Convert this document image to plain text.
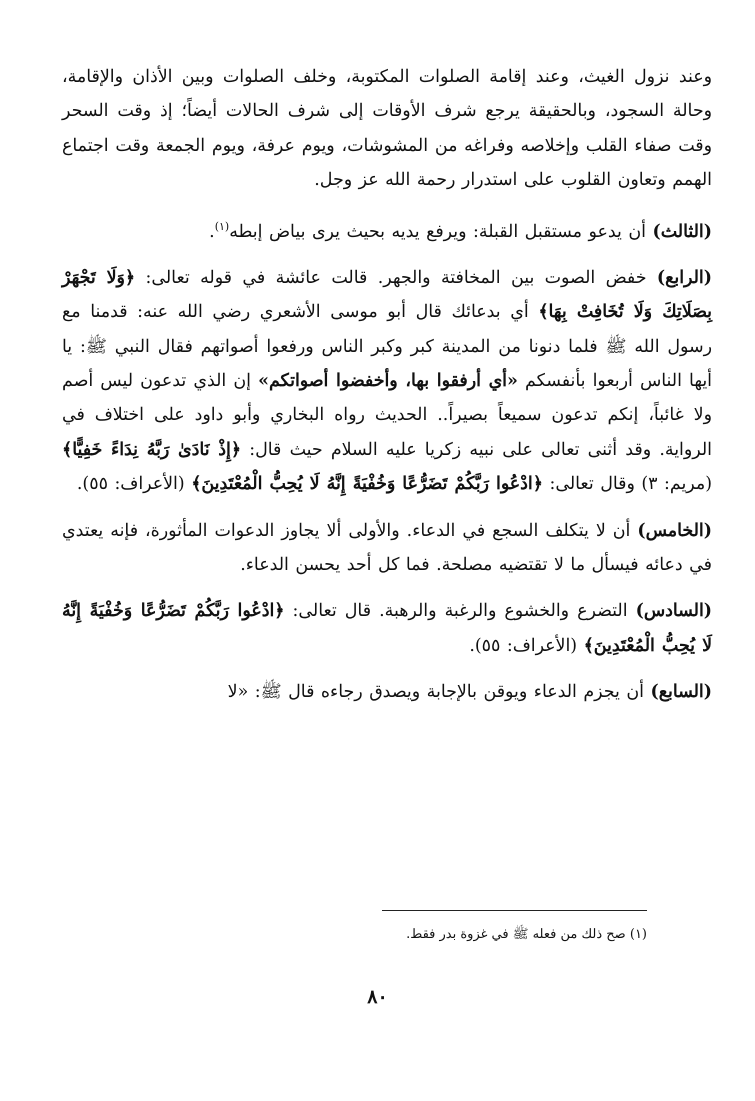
وعند نزول الغيث، وعند إقامة الصلوات المكتوبة، وخلف الصلوات وبين الأذان والإقامة، وحالة السجود، وبالحقيقة يرجع شرف الأوقات إلى شرف الحالات أيضاً؛ إذ وقت السحر وقت صفاء القلب وإخلاصه وفراغه من المشوشات، ويوم عرفة، ويوم الجمعة وقت اجتماع الهمم وتعاون القلوب على استدرار رحمة الله عز وجل.

(الثالث) أن يدعو مستقبل القبلة: ويرفع يديه بحيث يرى بياض إبطه$^{(١)}$.

(الرابع) خفض الصوت بين المخافتة والجهر. قالت عائشة في قوله تعالى: ﴿وَلَا تَجْهَرْ بِصَلَاتِكَ وَلَا تُخَافِتْ بِهَا﴾ أي بدعائك قال أبو موسى الأشعري رضي الله عنه: قدمنا مع رسول الله ﷺ فلما دنونا من المدينة كبر وكبر الناس ورفعوا أصواتهم فقال النبي ﷺ: يا أيها الناس أربعوا بأنفسكم «أي أرفقوا بها، وأخفضوا أصواتكم» إن الذي تدعون ليس أصم ولا غائباً، إنكم تدعون سميعاً بصيراً.. الحديث رواه البخاري وأبو داود على اختلاف في الرواية. وقد أثنى تعالى على نبيه زكريا عليه السلام حيث قال: ﴿إِذْ نَادَىٰ رَبَّهُ نِدَاءً خَفِيًّا﴾ (مريم: ٣) وقال تعالى: ﴿ادْعُوا رَبَّكُمْ تَضَرُّعًا وَخُفْيَةً إِنَّهُ لَا يُحِبُّ الْمُعْتَدِينَ﴾ (الأعراف: ٥٥).

(الخامس) أن لا يتكلف السجع في الدعاء. والأولى ألا يجاوز الدعوات المأثورة، فإنه يعتدي في دعائه فيسأل ما لا تقتضيه مصلحة. فما كل أحد يحسن الدعاء.

(السادس) التضرع والخشوع والرغبة والرهبة. قال تعالى: ﴿ادْعُوا رَبَّكُمْ تَضَرُّعًا وَخُفْيَةً إِنَّهُ لَا يُحِبُّ الْمُعْتَدِينَ﴾ (الأعراف: ٥٥).

(السابع) أن يجزم الدعاء ويوقن بالإجابة ويصدق رجاءه قال ﷺ: «لا

(١) صح ذلك من فعله ﷺ في غزوة بدر فقط.
٨٠
